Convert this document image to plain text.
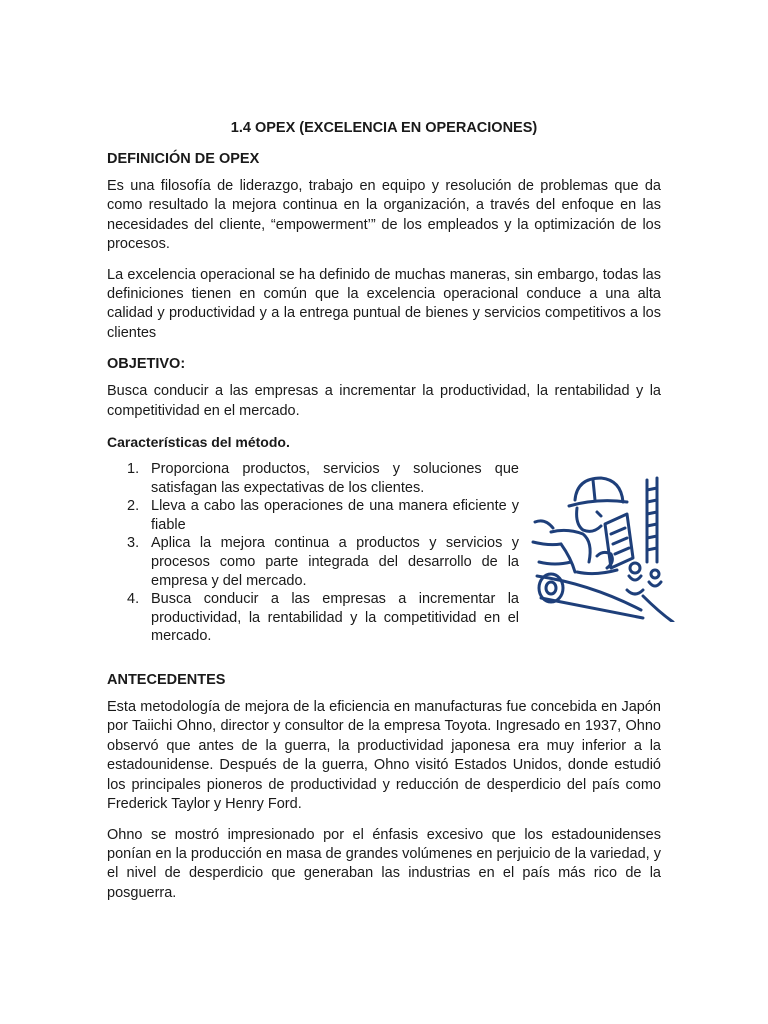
1.4 OPEX (EXCELENCIA EN OPERACIONES)
DEFINICIÓN DE OPEX

Es una filosofía de liderazgo, trabajo en equipo y resolución de problemas que da como resultado la mejora continua en la organización, a través del enfoque en las necesidades del cliente, “empowerment’” de los empleados y la optimización de los procesos.

La excelencia operacional se ha definido de muchas maneras, sin embargo, todas las definiciones tienen en común que la excelencia operacional conduce a una alta calidad y productividad y a la entrega puntual de bienes y servicios competitivos a los clientes

OBJETIVO:

Busca conducir a las empresas a incrementar la productividad, la rentabilidad y la competitividad en el mercado.

Características del método.
1. Proporciona productos, servicios y soluciones que satisfagan las expectativas de los clientes.
2. Lleva a cabo las operaciones de una manera eficiente y fiable
3. Aplica la mejora continua a productos y servicios y procesos como parte integrada del desarrollo de la empresa y del mercado.
4. Busca conducir a las empresas a incrementar la productividad, la rentabilidad y la competitividad en el mercado.
ANTECEDENTES

Esta metodología de mejora de la eficiencia en manufacturas fue concebida en Japón por Taiichi Ohno, director y consultor de la empresa Toyota. Ingresado en 1937, Ohno observó que antes de la guerra, la productividad japonesa era muy inferior a la estadounidense. Después de la guerra, Ohno visitó Estados Unidos, donde estudió los principales pioneros de productividad y reducción de desperdicio del país como Frederick Taylor y Henry Ford.

Ohno se mostró impresionado por el énfasis excesivo que los estadounidenses ponían en la producción en masa de grandes volúmenes en perjuicio de la variedad, y el nivel de desperdicio que generaban las industrias en el país más rico de la posguerra.
